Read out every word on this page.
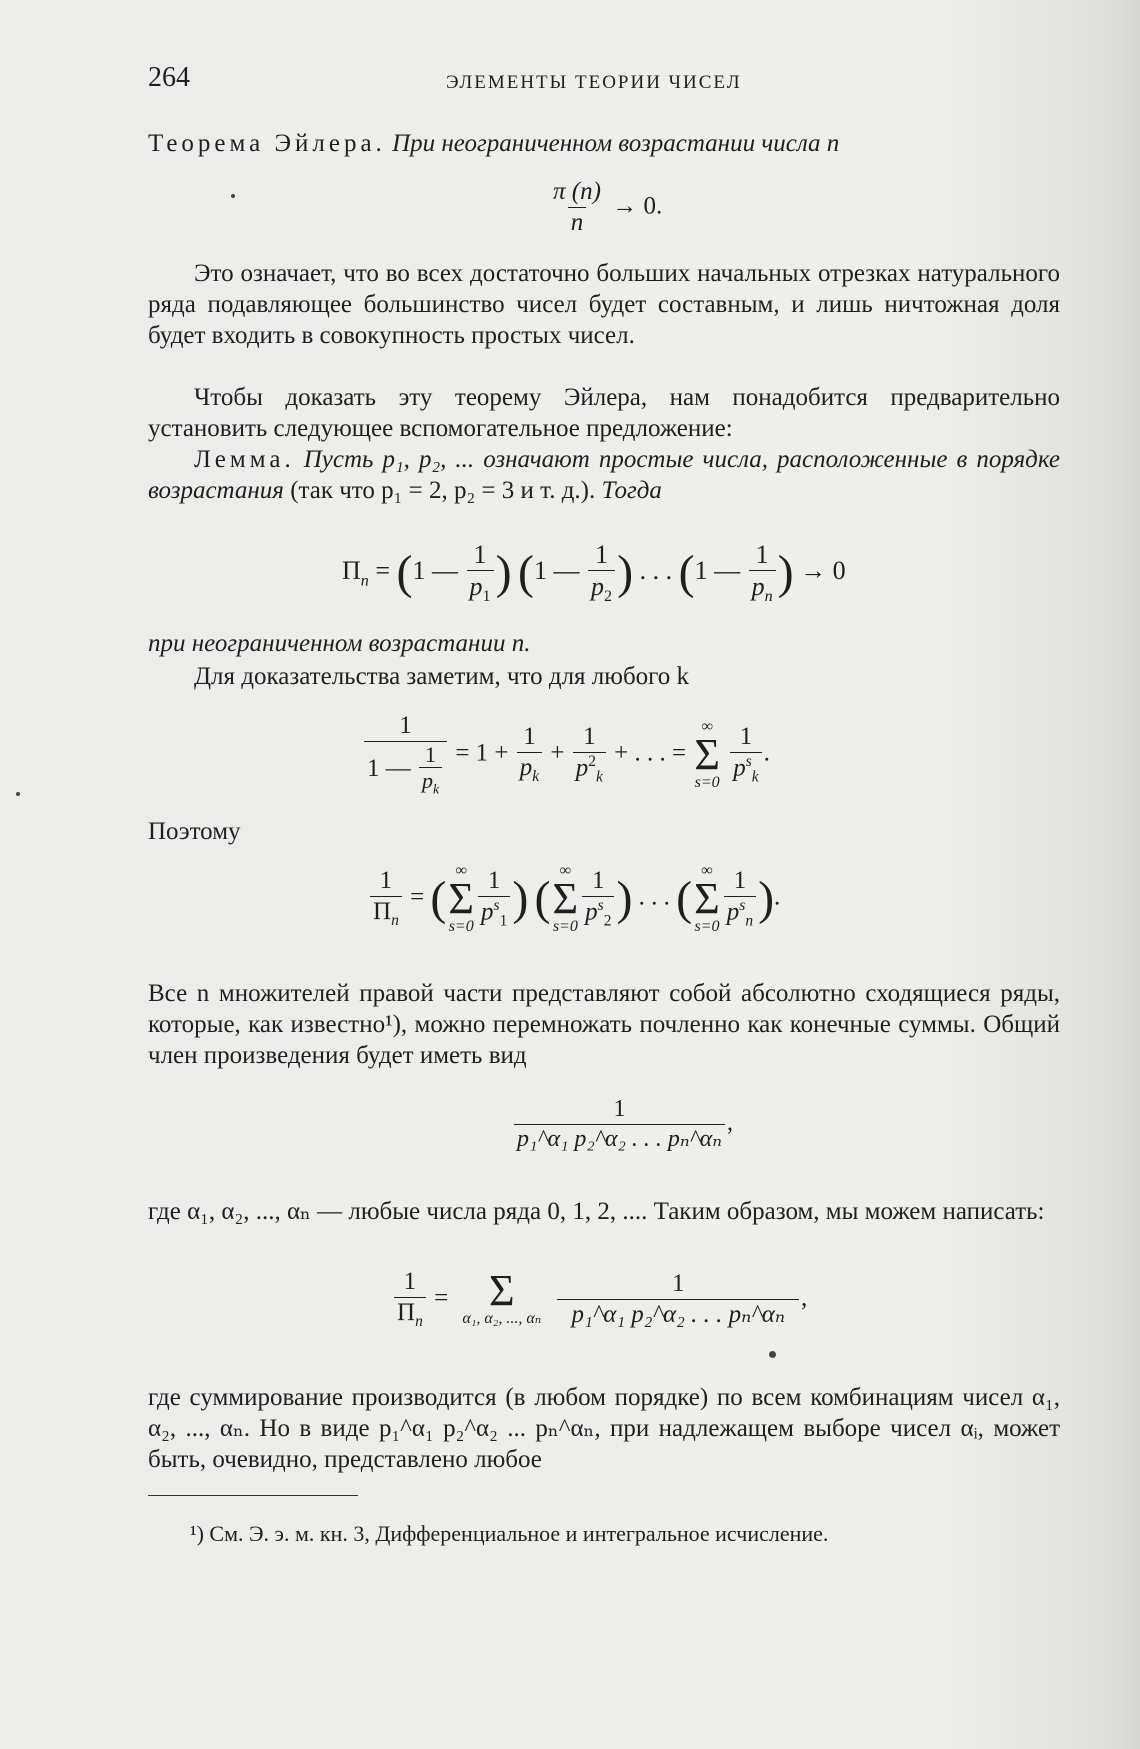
264	ЭЛЕМЕНТЫ ТЕОРИИ ЧИСЕЛ
Теорема Эйлера. При неограниченном возрастании числа n
$\frac{\pi (n)}{n} \to 0$.
Это означает, что во всех достаточно больших начальных отрезках натурального ряда подавляющее большинство чисел будет составным, и лишь ничтожная доля будет входить в совокупность простых чисел.
Чтобы доказать эту теорему Эйлера, нам понадобится предварительно установить следующее вспомогательное предложение:
Лемма. Пусть p₁, p₂, ... означают простые числа, расположенные в порядке возрастания (так что p₁ = 2, p₂ = 3 и т. д.). Тогда
$\Pi_n = (1$ — $\frac{1}{p_1}$ ) (1 — $\frac{1}{p_2}$ ) . . . (1 — $\frac{1}{p_n}$ ) → 0
при неограниченном возрастании n.
Для доказательства заметим, что для любого k
$\frac{1}{1 — \frac{1}{p_k}} = 1 + \frac{1}{p_k} + \frac{1}{p^2_k}$ + . . . =
∞
Σ
s=0
$\frac{1}{p^s_k}$ .
Поэтому
$\frac{1}{\Pi_n}$ = (
∞
Σ
$s=0 \frac{1}{p^s_1}$ ) (
∞
Σ
$s=0 \frac{1}{p^s_2}$ ) . . . (
∞
Σ
$s=0 \frac{1}{p^s_n}$ ).
Все n множителей правой части представляют собой абсолютно сходящиеся ряды, которые, как известно¹), можно перемножать почленно как конечные суммы. Общий член произведения будет иметь вид
$\frac{1}{\text{p₁\textasciicircum{}α₁ p₂\textasciicircum{}α₂ . . . pₙ\textasciicircum{}αₙ}}$ ,
где α₁, α₂, ..., αₙ — любые числа ряда 0, 1, 2, .... Таким образом, мы можем написать:
$\frac{1}{\Pi_n} = \Sigma$
α₁, α₂, ..., αₙ
$\frac{1}{\text{p₁\textasciicircum{}α₁ p₂\textasciicircum{}α₂ . . . pₙ\textasciicircum{}αₙ}}$ ,
где суммирование производится (в любом порядке) по всем комбинациям чисел α₁, α₂, ..., αₙ. Но в виде p₁^α₁ p₂^α₂ ... pₙ^αₙ, при надлежащем выборе чисел αᵢ, может быть, очевидно, представлено любое
¹) См. Э. э. м. кн. 3, Дифференциальное и интегральное исчисление.
